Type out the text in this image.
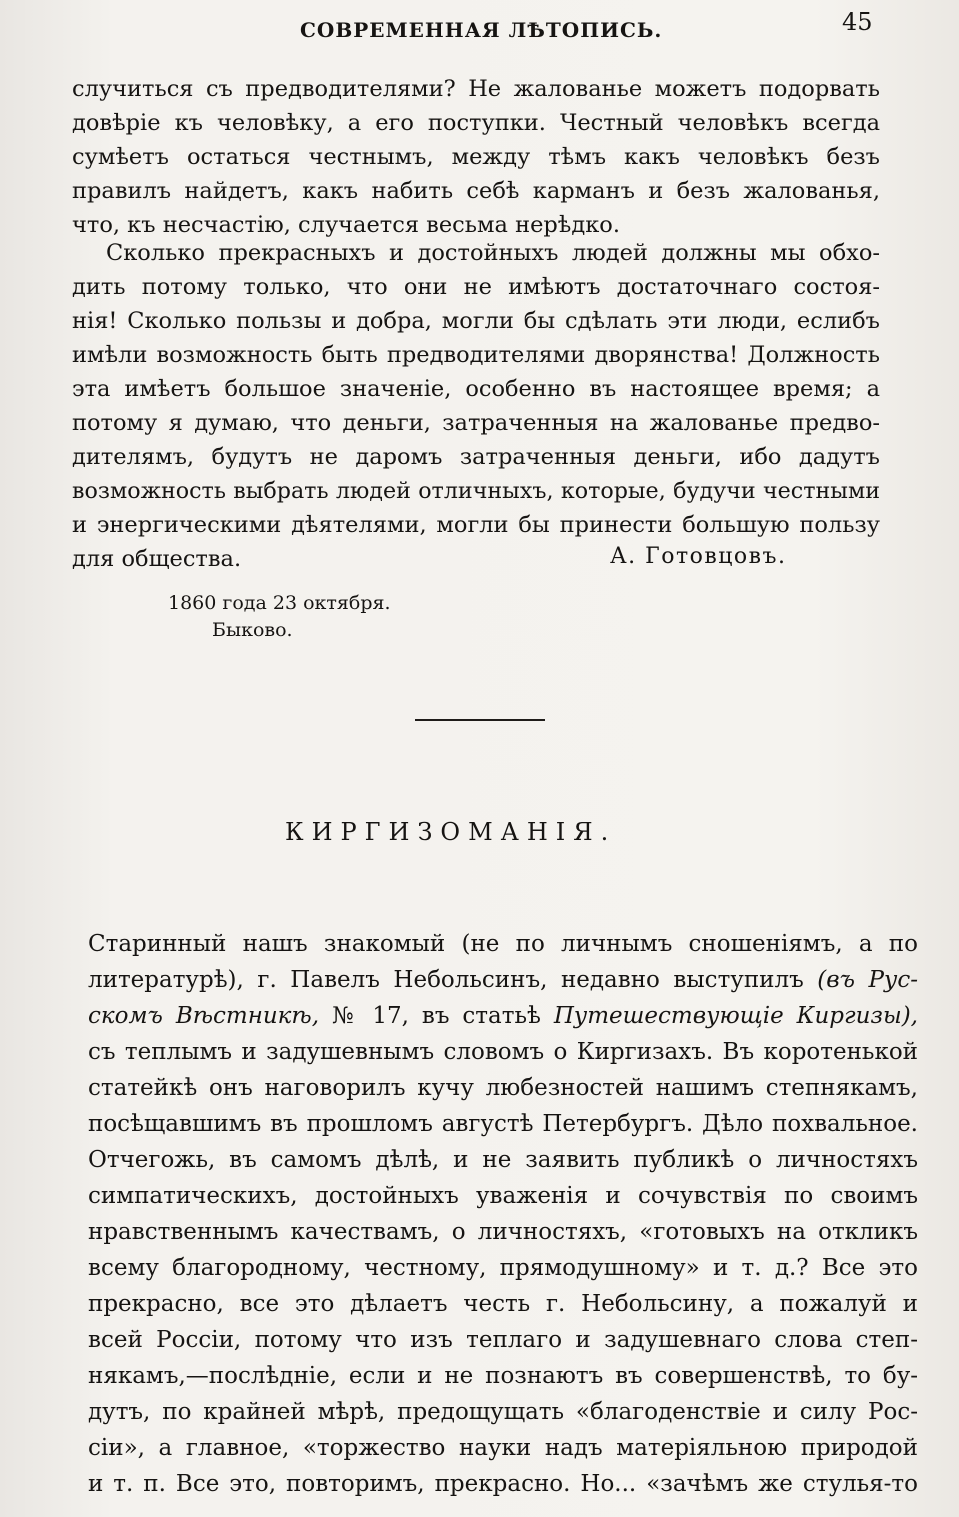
СОВРЕМЕННАЯ ЛѢТОПИСЬ.	45
случиться съ предводителями? Не жалованье можетъ подорвать
довѣріе къ человѣку, а его поступки. Честный человѣкъ всегда
сумѣетъ остаться честнымъ, между тѣмъ какъ человѣкъ безъ
правилъ найдетъ, какъ набить себѣ карманъ и безъ жалованья,
что, къ несчастію, случается весьма нерѣдко.
Сколько прекрасныхъ и достойныхъ людей должны мы обхо-
дить потому только, что они не имѣютъ достаточнаго состоя-
нія! Сколько пользы и добра, могли бы сдѣлать эти люди, еслибъ
имѣли возможность быть предводителями дворянства! Должность
эта имѣетъ большое значеніе, особенно въ настоящее время; а
потому я думаю, что деньги, затраченныя на жалованье предво-
дителямъ, будутъ не даромъ затраченныя деньги, ибо дадутъ
возможность выбрать людей отличныхъ, которые, будучи честными
и энергическими дѣятелями, могли бы принести большую пользу
для общества.	А. Готовцовъ.
1860 года 23 октября.
Быково.
КИРГИЗОМАНІЯ.
Старинный нашъ знакомый (не по личнымъ сношеніямъ, а по
литературѣ), г. Павелъ Небольсинъ, недавно выступилъ (въ Рус-
скомъ Вѣстникѣ, № 17, въ статьѣ Путешествующіе Киргизы),
съ теплымъ и задушевнымъ словомъ о Киргизахъ. Въ коротенькой
статейкѣ онъ наговорилъ кучу любезностей нашимъ степнякамъ,
посѣщавшимъ въ прошломъ августѣ Петербургъ. Дѣло похвальное.
Отчегожь, въ самомъ дѣлѣ, и не заявить публикѣ о личностяхъ
симпатическихъ, достойныхъ уваженія и сочувствія по своимъ
нравственнымъ качествамъ, о личностяхъ, «готовыхъ на откликъ
всему благородному, честному, прямодушному» и т. д.? Все это
прекрасно, все это дѣлаетъ честь г. Небольсину, а пожалуй и
всей Россіи, потому что изъ теплаго и задушевнаго слова степ-
някамъ,—послѣдніе, если и не познаютъ въ совершенствѣ, то бу-
дутъ, по крайней мѣрѣ, предощущать «благоденствіе и силу Рос-
сіи», а главное, «торжество науки надъ матеріяльною природой
и т. п. Все это, повторимъ, прекрасно. Но... «зачѣмъ же стулья-то
